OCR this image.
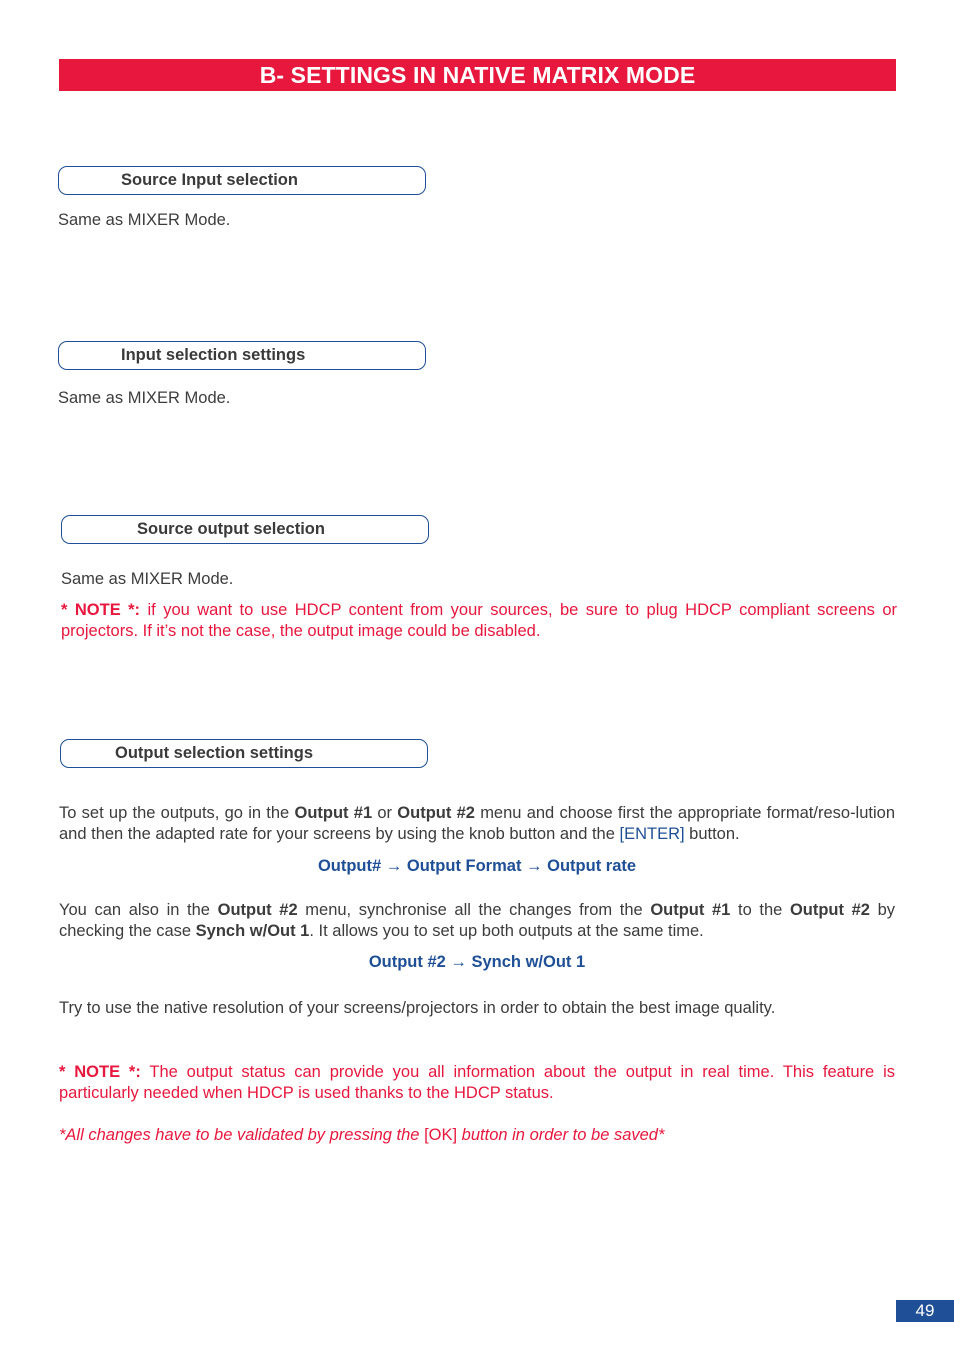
B- SETTINGS IN NATIVE MATRIX MODE
Source Input selection
Same as MIXER Mode.
Input selection settings
Same as MIXER Mode.
Source output selection
Same as MIXER Mode.
* NOTE *: if you want to use HDCP content from your sources, be sure to plug HDCP compliant screens or projectors. If it’s not the case, the output image could be disabled.
Output selection settings
To set up the outputs, go in the Output #1 or Output #2 menu and choose first the appropriate format/reso-lution and then the adapted rate for your screens by using the knob button and the [ENTER] button.
Output# → Output Format → Output rate
You can also in the Output #2 menu, synchronise all the changes from the Output #1 to the Output #2 by checking the case Synch w/Out 1. It allows you to set up both outputs at the same time.
Output #2 → Synch w/Out 1
Try to use the native resolution of your screens/projectors in order to obtain the best image quality.
* NOTE *: The output status can provide you all information about the output in real time. This feature is particularly needed when HDCP is used thanks to the HDCP status.
*All changes have to be validated by pressing the [OK] button in order to be saved*
49
